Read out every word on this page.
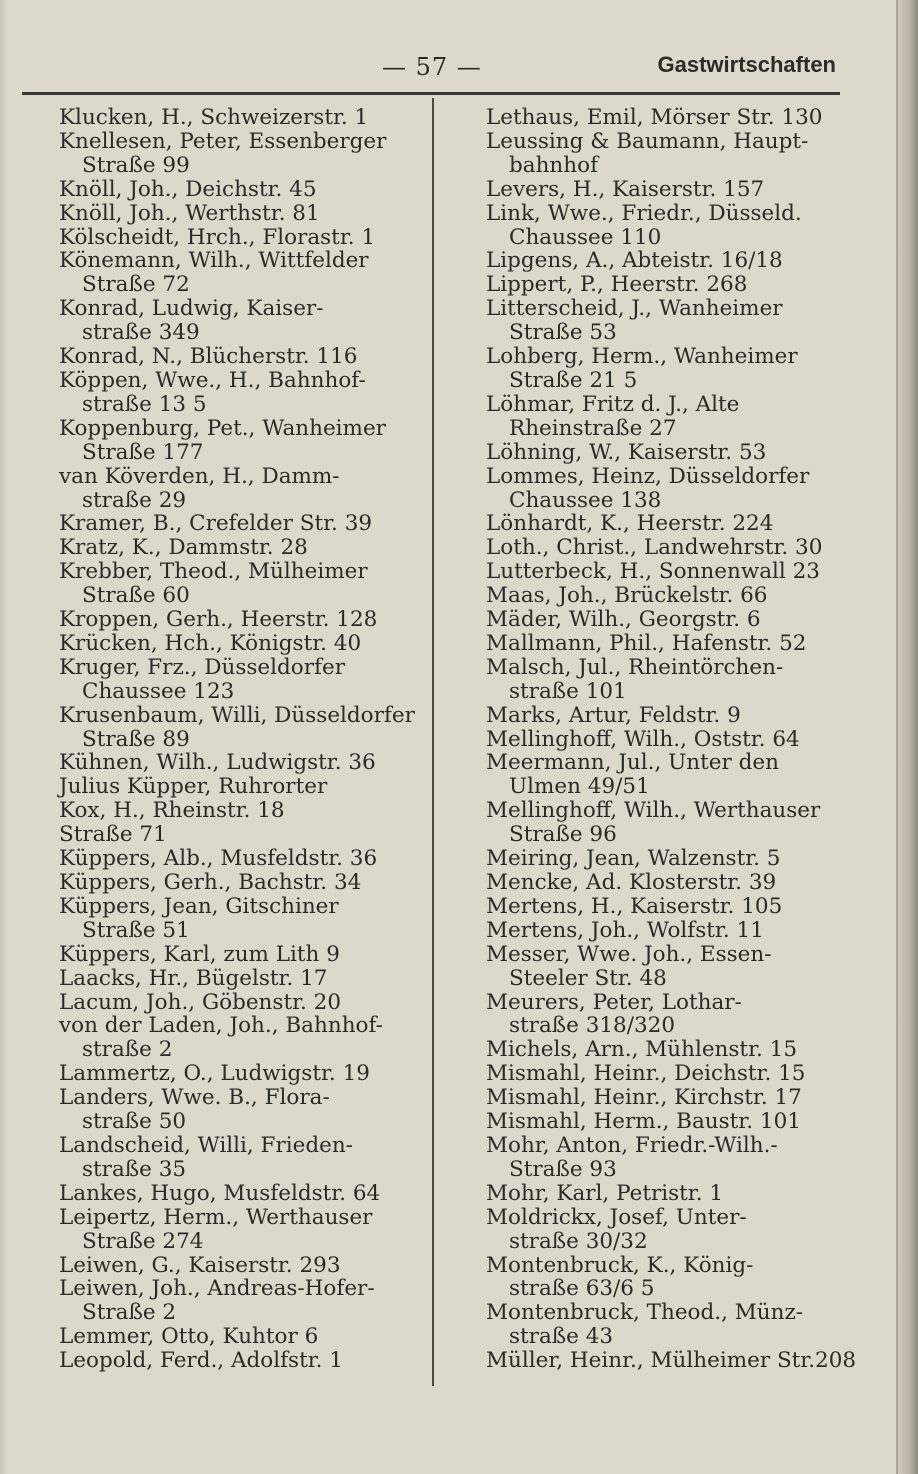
— 57 —	Gastwirtschaften
Klucken, H., Schweizerstr. 1
Knellesen, Peter, Essenberger
Straße 99
Knöll, Joh., Deichstr. 45
Knöll, Joh., Werthstr. 81
Kölscheidt, Hrch., Florastr. 1
Könemann, Wilh., Wittfelder
Straße 72
Konrad, Ludwig, Kaiser-
straße 349
Konrad, N., Blücherstr. 116
Köppen, Wwe., H., Bahnhof-
straße 13 5
Koppenburg, Pet., Wanheimer
Straße 177
van Köverden, H., Damm-
straße 29
Kramer, B., Crefelder Str. 39
Kratz, K., Dammstr. 28
Krebber, Theod., Mülheimer
Straße 60
Kroppen, Gerh., Heerstr. 128
Krücken, Hch., Königstr. 40
Kruger, Frz., Düsseldorfer
Chaussee 123
Krusenbaum, Willi, Düsseldorfer
Straße 89
Kühnen, Wilh., Ludwigstr. 36
Julius Küpper, Ruhrorter
Kox, H., Rheinstr. 18
Straße 71
Küppers, Alb., Musfeldstr. 36
Küppers, Gerh., Bachstr. 34
Küppers, Jean, Gitschiner
Straße 51
Küppers, Karl, zum Lith 9
Laacks, Hr., Bügelstr. 17
Lacum, Joh., Göbenstr. 20
von der Laden, Joh., Bahnhof-
straße 2
Lammertz, O., Ludwigstr. 19
Landers, Wwe. B., Flora-
straße 50
Landscheid, Willi, Frieden-
straße 35
Lankes, Hugo, Musfeldstr. 64
Leipertz, Herm., Werthauser
Straße 274
Leiwen, G., Kaiserstr. 293
Leiwen, Joh., Andreas-Hofer-
Straße 2
Lemmer, Otto, Kuhtor 6
Leopold, Ferd., Adolfstr. 1
Lethaus, Emil, Mörser Str. 130
Leussing & Baumann, Haupt-
bahnhof
Levers, H., Kaiserstr. 157
Link, Wwe., Friedr., Düsseld.
Chaussee 110
Lipgens, A., Abteistr. 16/18
Lippert, P., Heerstr. 268
Litterscheid, J., Wanheimer
Straße 53
Lohberg, Herm., Wanheimer
Straße 21 5
Löhmar, Fritz d. J., Alte
Rheinstraße 27
Löhning, W., Kaiserstr. 53
Lommes, Heinz, Düsseldorfer
Chaussee 138
Lönhardt, K., Heerstr. 224
Loth., Christ., Landwehrstr. 30
Lutterbeck, H., Sonnenwall 23
Maas, Joh., Brückelstr. 66
Mäder, Wilh., Georgstr. 6
Mallmann, Phil., Hafenstr. 52
Malsch, Jul., Rheintörchen-
straße 101
Marks, Artur, Feldstr. 9
Mellinghoff, Wilh., Oststr. 64
Meermann, Jul., Unter den
Ulmen 49/51
Mellinghoff, Wilh., Werthauser
Straße 96
Meiring, Jean, Walzenstr. 5
Mencke, Ad. Klosterstr. 39
Mertens, H., Kaiserstr. 105
Mertens, Joh., Wolfstr. 11
Messer, Wwe. Joh., Essen-
Steeler Str. 48
Meurers, Peter, Lothar-
straße 318/320
Michels, Arn., Mühlenstr. 15
Mismahl, Heinr., Deichstr. 15
Mismahl, Heinr., Kirchstr. 17
Mismahl, Herm., Baustr. 101
Mohr, Anton, Friedr.-Wilh.-
Straße 93
Mohr, Karl, Petristr. 1
Moldrickx, Josef, Unter-
straße 30/32
Montenbruck, K., König-
straße 63/6 5
Montenbruck, Theod., Münz-
straße 43
Müller, Heinr., Mülheimer Str.208
